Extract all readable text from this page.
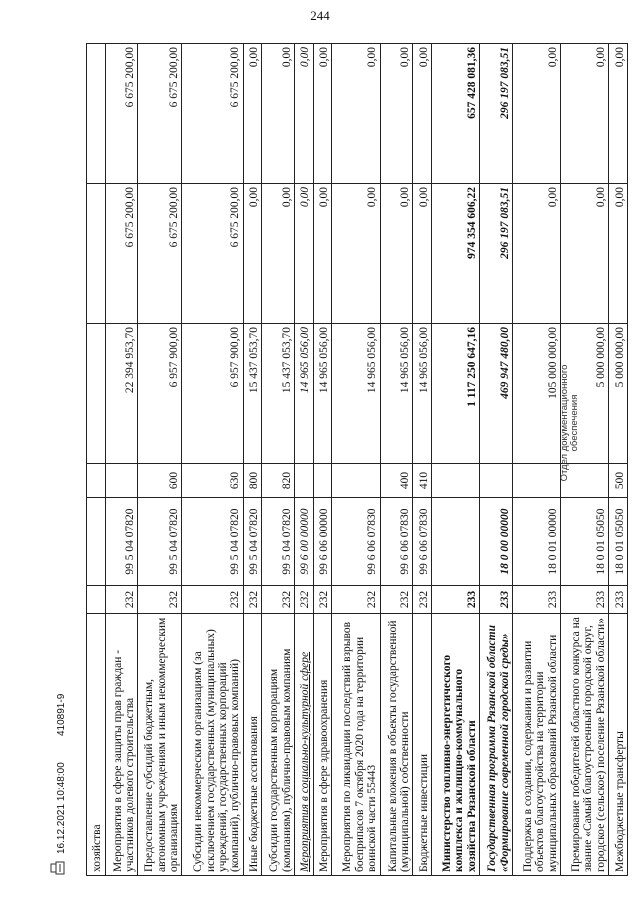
244
хозяйства						
Мероприятия в сфере защиты прав граждан - участников долевого строительства	232	99 5 04 07820		22 394 953,70	6 675 200,00	6 675 200,00
Предоставление субсидий бюджетным, автономным учреждениям и иным некоммерческим организациям	232	99 5 04 07820	600	6 957 900,00	6 675 200,00	6 675 200,00
Субсидии некоммерческим организациям (за исключением государственных (муниципальных) учреждений, государственных корпораций (компаний), публично-правовых компаний)	232	99 5 04 07820	630	6 957 900,00	6 675 200,00	6 675 200,00
Иные бюджетные ассигнования	232	99 5 04 07820	800	15 437 053,70	0,00	0,00
Субсидии государственным корпорациям (компаниям), публично-правовым компаниям	232	99 5 04 07820	820	15 437 053,70	0,00	0,00
Мероприятия в социально-культурной сфере	232	99 6 00 00000		14 965 056,00	0,00	0,00
Мероприятия в сфере здравоохранения	232	99 6 06 00000		14 965 056,00	0,00	0,00
Мероприятия по ликвидации последствий взрывов боеприпасов 7 октября 2020 года на территории воинской части 55443	232	99 6 06 07830		14 965 056,00	0,00	0,00
Капитальные вложения в объекты государственной (муниципальной) собственности	232	99 6 06 07830	400	14 965 056,00	0,00	0,00
Бюджетные инвестиции	232	99 6 06 07830	410	14 965 056,00	0,00	0,00
Министерство топливно-энергетического комплекса и жилищно-коммунального хозяйства Рязанской области	233			1 117 250 647,16	974 354 606,22	657 428 081,36
Государственная программа Рязанской области «Формирование современной городской среды»	233	18 0 00 00000		469 947 480,00	296 197 083,51	296 197 083,51
Поддержка в создании, содержании и развитии объектов благоустройства на территории муниципальных образований Рязанской области	233	18 0 01 00000		105 000 000,00	0,00	0,00
Премирование победителей областного конкурса на звание «Самый благоустроенный городской округ, городское (сельское) поселение Рязанской области»	233	18 0 01 05050		5 000 000,00	0,00	0,00
Межбюджетные трансферты	233	18 0 01 05050	500	5 000 000,00	0,00	0,00
16.12.2021 10:48:00
410891-9
Отдел документационного обеспечения
